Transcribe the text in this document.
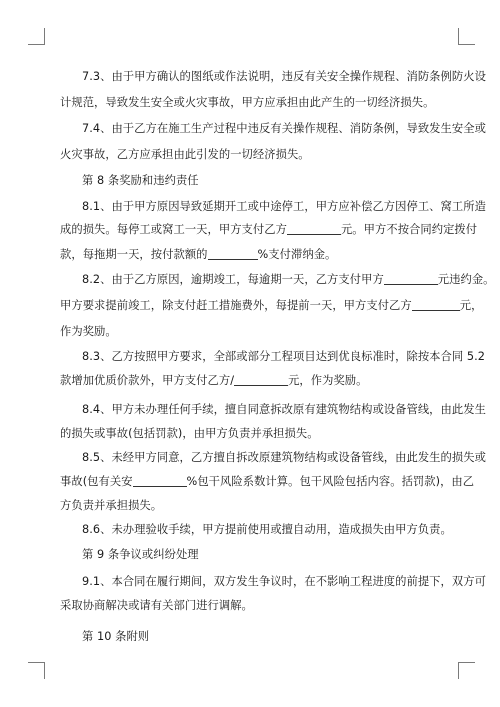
7.3、由于甲方确认的图纸或作法说明，违反有关安全操作规程、消防条例防火设
计规范，导致发生安全或火灾事故，甲方应承担由此产生的一切经济损失。
7.4、由于乙方在施工生产过程中违反有关操作规程、消防条例，导致发生安全或
火灾事故，乙方应承担由此引发的一切经济损失。
第 8 条奖励和违约责任
8.1、由于甲方原因导致延期开工或中途停工，甲方应补偿乙方因停工、窝工所造
成的损失。每停工或窝工一天，甲方支付乙方	元。甲方不按合同约定拨付
款，每拖期一天，按付款额的	%支付滞纳金。
8.2、由于乙方原因，逾期竣工，每逾期一天，乙方支付甲方	元违约金。
甲方要求提前竣工，除支付赶工措施费外，每提前一天，甲方支付乙方	元，
作为奖励。
8.3、乙方按照甲方要求，全部或部分工程项目达到优良标准时，除按本合同 5.2
款增加优质价款外，甲方支付乙方/	元，作为奖励。
8.4、甲方未办理任何手续，擅自同意拆改原有建筑物结构或设备管线，由此发生
的损失或事故(包括罚款)，由甲方负责并承担损失。
8.5、未经甲方同意，乙方擅自拆改原建筑物结构或设备管线，由此发生的损失或
事故(包有关安	%包干风险系数计算。包干风险包括内容。括罚款)，由乙
方负责并承担损失。
8.6、未办理验收手续，甲方提前使用或擅自动用，造成损失由甲方负责。
第 9 条争议或纠纷处理
9.1、本合同在履行期间，双方发生争议时，在不影响工程进度的前提下，双方可
采取协商解决或请有关部门进行调解。
第 10 条附则
